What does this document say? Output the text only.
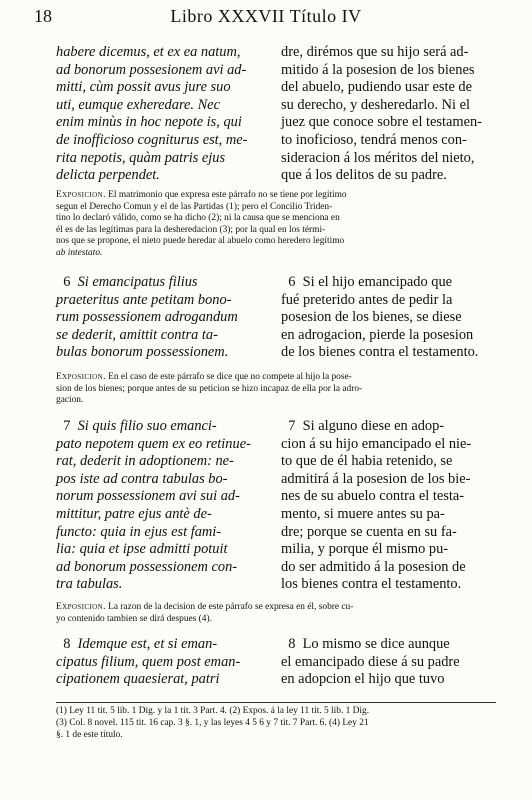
18	Libro XXXVII Título IV
habere dicemus, et ex ea natum,
ad bonorum possesionem avi ad-
mitti, cùm possit avus jure suo
uti, eumque exheredare. Nec
enim minùs in hoc nepote is, qui
de inofficioso cogniturus est, me-
rita nepotis, quàm patris ejus
delicta perpendet.
dre, dirémos que su hijo será ad-
mitido á la posesion de los bienes
del abuelo, pudiendo usar este de
su derecho, y desheredarlo. Ni el
juez que conoce sobre el testamen-
to inoficioso, tendrá menos con-
sideracion á los méritos del nieto,
que á los delitos de su padre.
Exposicion. El matrimonio que expresa este párrafo no se tiene por legítimo
segun el Derecho Comun y el de las Partidas (1); pero el Concilio Triden-
tino lo declaró válido, como se ha dicho (2); ni la causa que se menciona en
él es de las legítimas para la desheredacion (3); por la qual en los térmi-
nos que se propone, el nieto puede heredar al abuelo como heredero legítimo
ab intestato.
6 Si emancipatus filius
praeteritus ante petitam bono-
rum possessionem adrogandum
se dederit, amittit contra ta-
bulas bonorum possessionem.
6 Si el hijo emancipado que
fué preterido antes de pedir la
posesion de los bienes, se diese
en adrogacion, pierde la posesion
de los bienes contra el testamento.
Exposicion. En el caso de este párrafo se dice que no compete al hijo la pose-
sion de los bienes; porque antes de su peticion se hizo incapaz de ella por la adro-
gacion.
7 Si quis filio suo emanci-
pato nepotem quem ex eo retinue-
rat, dederit in adoptionem: ne-
pos iste ad contra tabulas bo-
norum possessionem avi sui ad-
mittitur, patre ejus antè de-
functo: quia in ejus est fami-
lia: quia et ipse admitti potuit
ad bonorum possessionem con-
tra tabulas.
7 Si alguno diese en adop-
cion á su hijo emancipado el nie-
to que de él habia retenido, se
admitirá á la posesion de los bie-
nes de su abuelo contra el testa-
mento, si muere antes su pa-
dre; porque se cuenta en su fa-
milia, y porque él mismo pu-
do ser admitido á la posesion de
los bienes contra el testamento.
Exposicion. La razon de la decision de este párrafo se expresa en él, sobre cu-
yo contenido tambien se dirá despues (4).
8 Idemque est, et si eman-
cipatus filium, quem post eman-
cipationem quaesierat, patri
8 Lo mismo se dice aunque
el emancipado diese á su padre
en adopcion el hijo que tuvo
(1) Ley 11 tit. 5 lib. 1 Dig. y la 1 tit. 3 Part. 4. (2) Expos. á la ley 11 tit. 5 lib. 1 Dig.
(3) Col. 8 novel. 115 tit. 16 cap. 3 §. 1, y las leyes 4 5 6 y 7 tit. 7 Part. 6. (4) Ley 21
§. 1 de este título.
